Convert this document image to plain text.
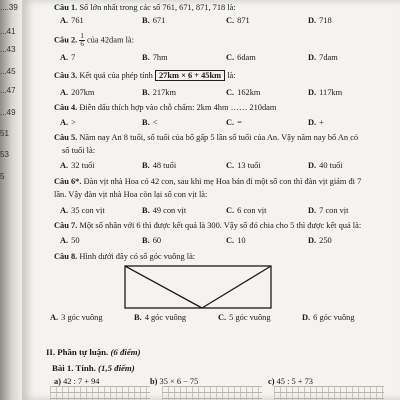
....39
...41
...43
...45
...47
...49
51
53
5
Câu 1. Số lớn nhất trong các số 761, 671, 871, 718 là:
A. 761	B. 671	C. 871	D. 718
Câu 2. $\frac{1}{6}$ của 42dam là:
A. 7	B. 7hm	C. 6dam	D. 7dam
Câu 3. Kết quả của phép tính 27km × 6 + 45km là:
A. 207km	B. 217km	C. 162km	D. 117km
Câu 4. Điền dấu thích hợp vào chỗ chấm: 2km 4hm …… 210dam
A. >	B. <	C. =	D. +
Câu 5. Năm nay An 8 tuổi, số tuổi của bố gấp 5 lần số tuổi của An. Vậy năm nay bố An có
số tuổi là:
A. 32 tuổi	B. 48 tuổi	C. 13 tuổi	D. 40 tuổi
Câu 6*. Đàn vịt nhà Hoa có 42 con, sau khi mẹ Hoa bán đi một số con thì đàn vịt giảm đi 7
lần. Vậy đàn vịt nhà Hoa còn lại số con vịt là:
A. 35 con vịt	B. 49 con vịt	C. 6 con vịt	D. 7 con vịt
Câu 7. Một số nhân với 6 thì được kết quả là 300. Vậy số đó chia cho 5 thì được kết quả là:
A. 50	B. 60	C. 10	D. 250
Câu 8. Hình dưới đây có số góc vuông là:
A. 3 góc vuông	B. 4 góc vuông	C. 5 góc vuông	D. 6 góc vuông
II. Phần tự luận. (6 điểm)
Bài 1. Tính. (1,5 điểm)
a) 42 : 7 + 94	b) 35 × 6 − 75	c) 45 : 5 + 73
